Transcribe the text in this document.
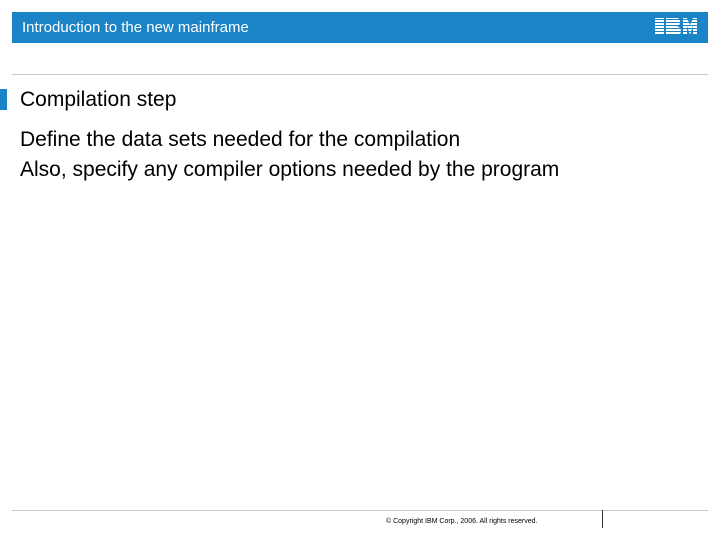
Introduction to the new mainframe
Compilation step
Define the data sets needed for the compilation
Also, specify any compiler options needed by the program
© Copyright IBM Corp., 2006. All rights reserved.
